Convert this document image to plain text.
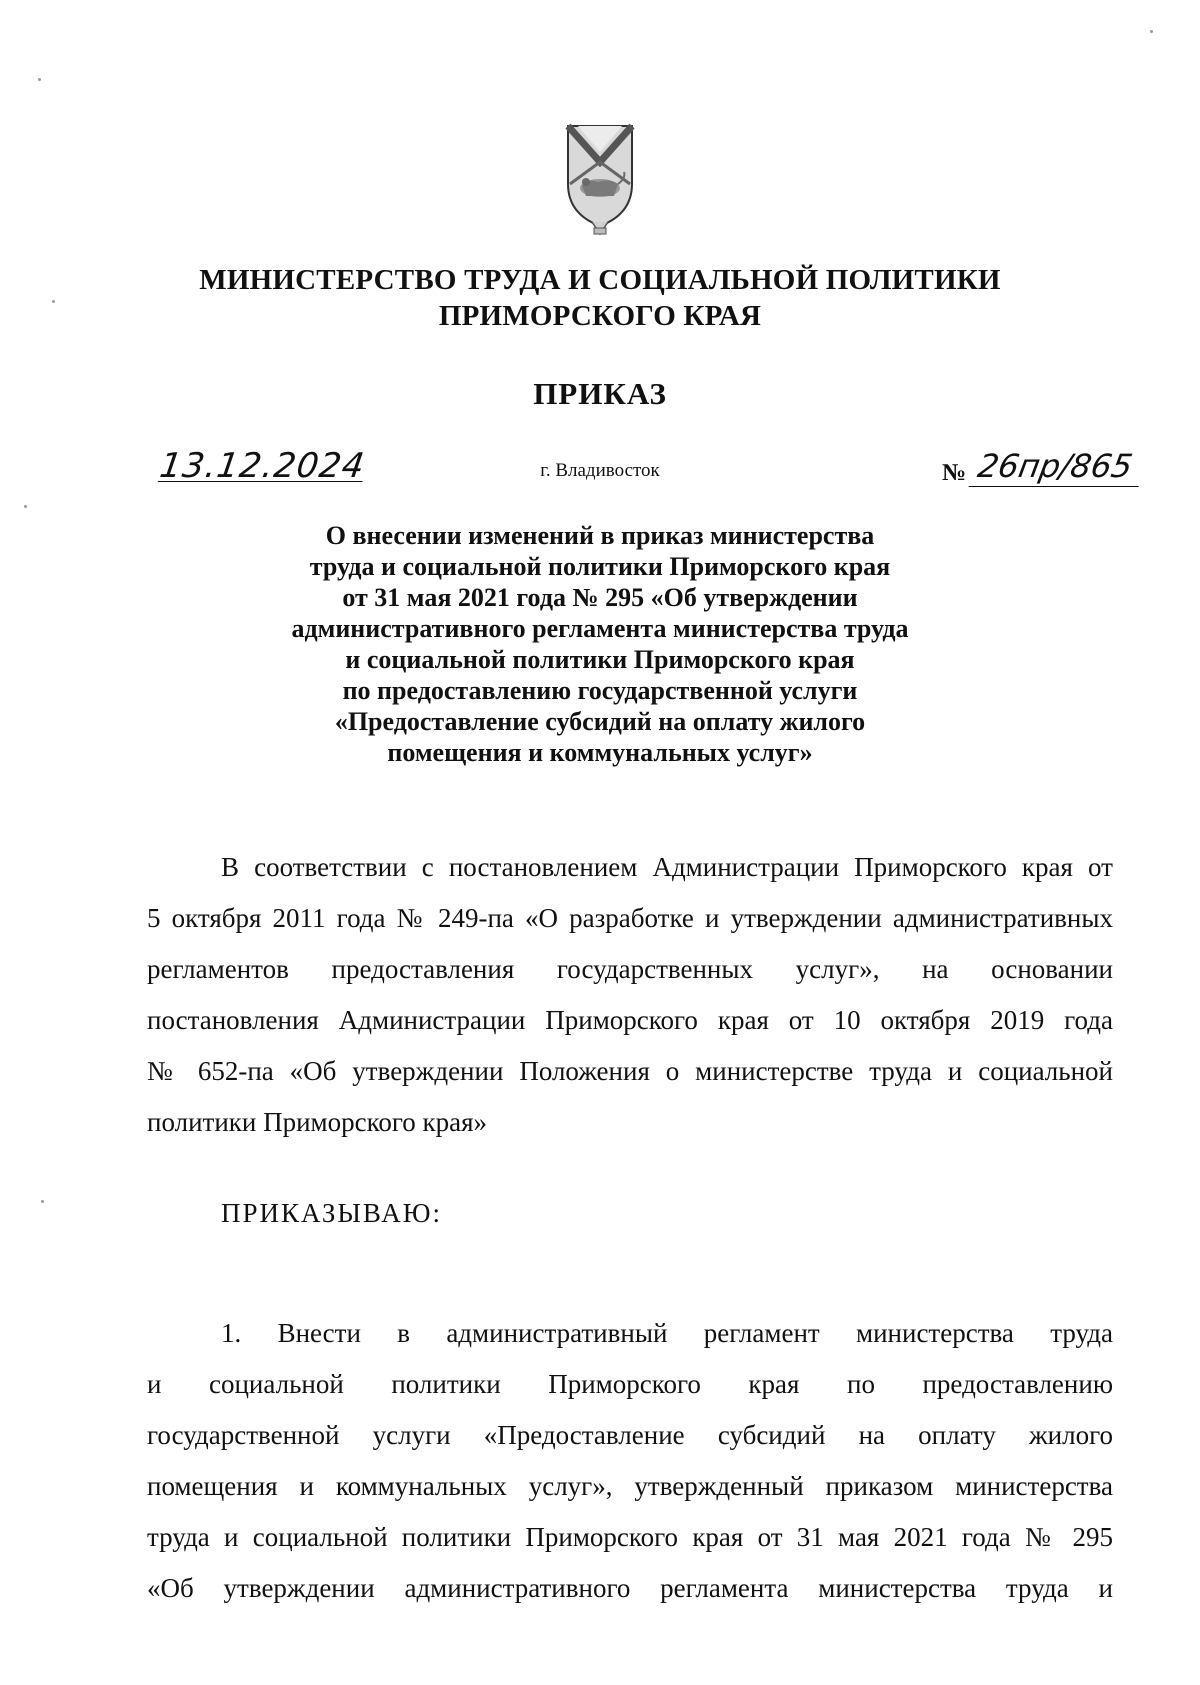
МИНИСТЕРСТВО ТРУДА И СОЦИАЛЬНОЙ ПОЛИТИКИ
ПРИМОРСКОГО КРАЯ
ПРИКАЗ
13.12.2024	г. Владивосток	№ 26пр/865
О внесении изменений в приказ министерства
труда и социальной политики Приморского края
от 31 мая 2021 года № 295 «Об утверждении
административного регламента министерства труда
и социальной политики Приморского края
по предоставлению государственной услуги
«Предоставление субсидий на оплату жилого
помещения и коммунальных услуг»
В соответствии с постановлением Администрации Приморского края от
5 октября 2011 года № 249-па «О разработке и утверждении административных
регламентов предоставления государственных услуг», на основании
постановления Администрации Приморского края от 10 октября 2019 года
№ 652-па «Об утверждении Положения о министерстве труда и социальной
политики Приморского края»
ПРИКАЗЫВАЮ:
1. Внести в административный регламент министерства труда
и социальной политики Приморского края по предоставлению
государственной услуги «Предоставление субсидий на оплату жилого
помещения и коммунальных услуг», утвержденный приказом министерства
труда и социальной политики Приморского края от 31 мая 2021 года № 295
«Об утверждении административного регламента министерства труда и
